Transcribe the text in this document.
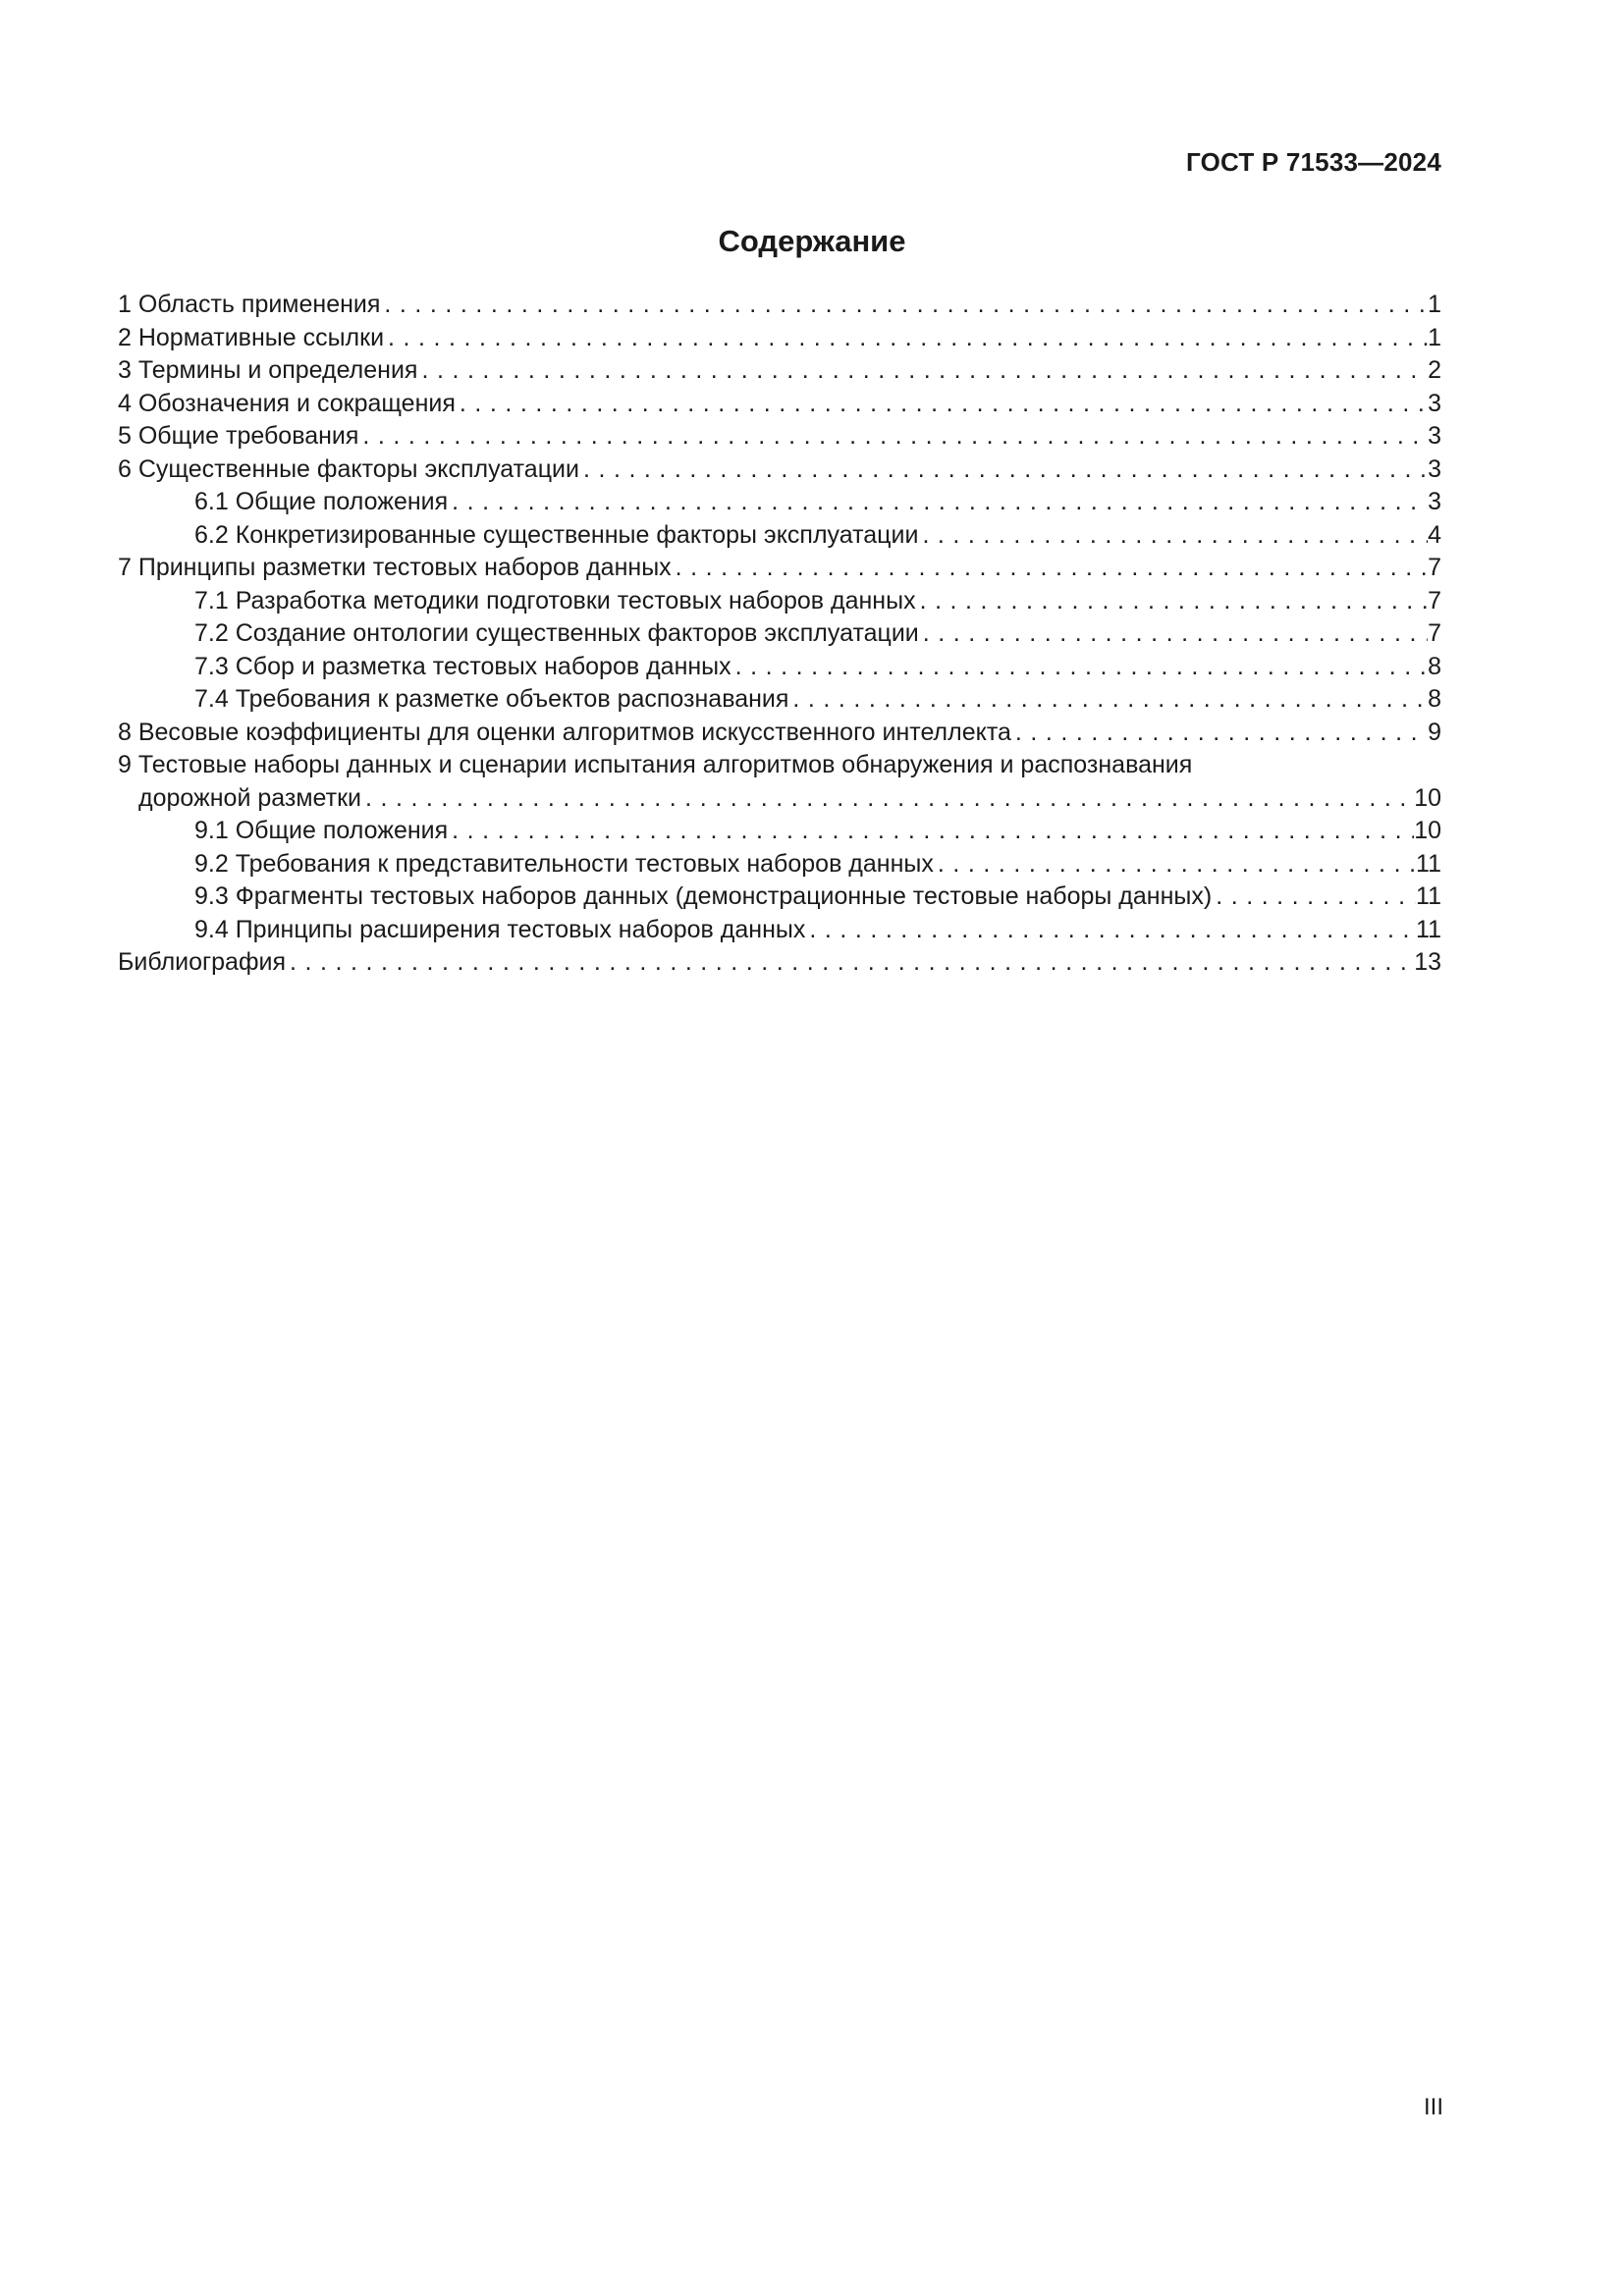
ГОСТ Р 71533—2024
Содержание
1 Область применения . . .	1
2 Нормативные ссылки . . .	1
3 Термины и определения . . .	2
4 Обозначения и сокращения . . .	3
5 Общие требования . . .	3
6 Существенные факторы эксплуатации . . .	3
6.1 Общие положения . . .	3
6.2 Конкретизированные существенные факторы эксплуатации . . .	4
7 Принципы разметки тестовых наборов данных . . .	7
7.1 Разработка методики подготовки тестовых наборов данных . . .	7
7.2 Создание онтологии существенных факторов эксплуатации . . .	7
7.3 Сбор и разметка тестовых наборов данных . . .	8
7.4 Требования к разметке объектов распознавания . . .	8
8 Весовые коэффициенты для оценки алгоритмов искусственного интеллекта . . .	9
9 Тестовые наборы данных и сценарии испытания алгоритмов обнаружения и распознавания
дорожной разметки . . .	10
9.1 Общие положения . . .	10
9.2 Требования к представительности тестовых наборов данных . . .	11
9.3 Фрагменты тестовых наборов данных (демонстрационные тестовые наборы данных) . . .	11
9.4 Принципы расширения тестовых наборов данных . . .	11
Библиография . . .	13
III
